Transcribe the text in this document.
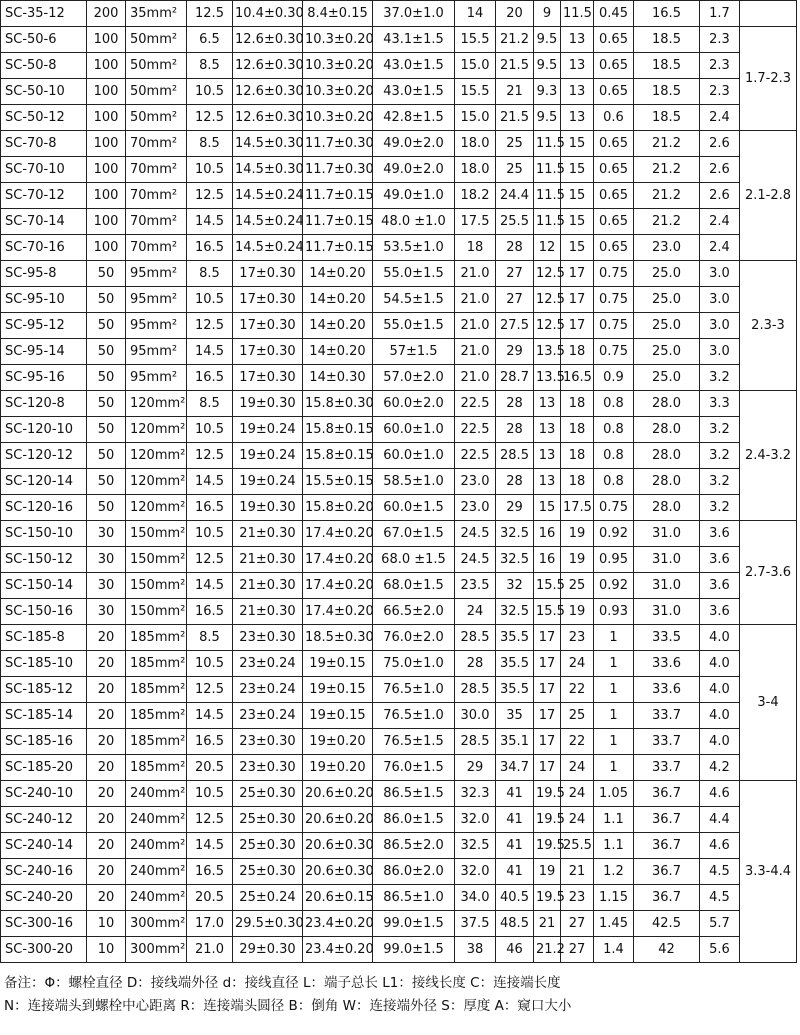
SC-35-12	200	35mm²	12.5	10.4±0.30	8.4±0.15	37.0±1.0	14	20	9	11.5	0.45	16.5	1.7	
SC-50-6	100	50mm²	6.5	12.6±0.30	10.3±0.20	43.1±1.5	15.5	21.2	9.5	13	0.65	18.5	2.3	1.7-2.3
SC-50-8	100	50mm²	8.5	12.6±0.30	10.3±0.20	43.0±1.5	15.0	21.5	9.5	13	0.65	18.5	2.3	
SC-50-10	100	50mm²	10.5	12.6±0.30	10.3±0.20	43.0±1.5	15.5	21	9.3	13	0.65	18.5	2.3	
SC-50-12	100	50mm²	12.5	12.6±0.30	10.3±0.20	42.8±1.5	15.0	21.5	9.5	13	0.6	18.5	2.4	
SC-70-8	100	70mm²	8.5	14.5±0.30	11.7±0.30	49.0±2.0	18.0	25	11.5	15	0.65	21.2	2.6	2.1-2.8
SC-70-10	100	70mm²	10.5	14.5±0.30	11.7±0.30	49.0±2.0	18.0	25	11.5	15	0.65	21.2	2.6	
SC-70-12	100	70mm²	12.5	14.5±0.24	11.7±0.15	49.0±1.0	18.2	24.4	11.5	15	0.65	21.2	2.6	
SC-70-14	100	70mm²	14.5	14.5±0.24	11.7±0.15	48.0 ±1.0	17.5	25.5	11.5	15	0.65	21.2	2.4	
SC-70-16	100	70mm²	16.5	14.5±0.24	11.7±0.15	53.5±1.0	18	28	12	15	0.65	23.0	2.4	
SC-95-8	50	95mm²	8.5	17±0.30	14±0.20	55.0±1.5	21.0	27	12.5	17	0.75	25.0	3.0	2.3-3
SC-95-10	50	95mm²	10.5	17±0.30	14±0.20	54.5±1.5	21.0	27	12.5	17	0.75	25.0	3.0	
SC-95-12	50	95mm²	12.5	17±0.30	14±0.20	55.0±1.5	21.0	27.5	12.5	17	0.75	25.0	3.0	
SC-95-14	50	95mm²	14.5	17±0.30	14±0.20	57±1.5	21.0	29	13.5	18	0.75	25.0	3.0	
SC-95-16	50	95mm²	16.5	17±0.30	14±0.30	57.0±2.0	21.0	28.7	13.5	16.5	0.9	25.0	3.2	
SC-120-8	50	120mm²	8.5	19±0.30	15.8±0.30	60.0±2.0	22.5	28	13	18	0.8	28.0	3.3	2.4-3.2
SC-120-10	50	120mm²	10.5	19±0.24	15.8±0.15	60.0±1.0	22.5	28	13	18	0.8	28.0	3.2	
SC-120-12	50	120mm²	12.5	19±0.24	15.8±0.15	60.0±1.0	22.5	28.5	13	18	0.8	28.0	3.2	
SC-120-14	50	120mm²	14.5	19±0.24	15.5±0.15	58.5±1.0	23.0	28	13	18	0.8	28.0	3.2	
SC-120-16	50	120mm²	16.5	19±0.30	15.8±0.20	60.0±1.5	23.0	29	15	17.5	0.75	28.0	3.2	
SC-150-10	30	150mm²	10.5	21±0.30	17.4±0.20	67.0±1.5	24.5	32.5	16	19	0.92	31.0	3.6	2.7-3.6
SC-150-12	30	150mm²	12.5	21±0.30	17.4±0.20	68.0 ±1.5	24.5	32.5	16	19	0.95	31.0	3.6	
SC-150-14	30	150mm²	14.5	21±0.30	17.4±0.20	68.0±1.5	23.5	32	15.5	25	0.92	31.0	3.6	
SC-150-16	30	150mm²	16.5	21±0.30	17.4±0.20	66.5±2.0	24	32.5	15.5	19	0.93	31.0	3.6	
SC-185-8	20	185mm²	8.5	23±0.30	18.5±0.30	76.0±2.0	28.5	35.5	17	23	1	33.5	4.0	3-4
SC-185-10	20	185mm²	10.5	23±0.24	19±0.15	75.0±1.0	28	35.5	17	24	1	33.6	4.0	
SC-185-12	20	185mm²	12.5	23±0.24	19±0.15	76.5±1.0	28.5	35.5	17	22	1	33.6	4.0	
SC-185-14	20	185mm²	14.5	23±0.24	19±0.15	76.5±1.0	30.0	35	17	25	1	33.7	4.0	
SC-185-16	20	185mm²	16.5	23±0.30	19±0.20	76.5±1.5	28.5	35.1	17	22	1	33.7	4.0	
SC-185-20	20	185mm²	20.5	23±0.30	19±0.20	76.0±1.5	29	34.7	17	24	1	33.7	4.2	
SC-240-10	20	240mm²	10.5	25±0.30	20.6±0.20	86.5±1.5	32.3	41	19.5	24	1.05	36.7	4.6	3.3-4.4
SC-240-12	20	240mm²	12.5	25±0.30	20.6±0.20	86.0±1.5	32.0	41	19.5	24	1.1	36.7	4.4	
SC-240-14	20	240mm²	14.5	25±0.30	20.6±0.30	86.5±2.0	32.5	41	19.5	25.5	1.1	36.7	4.6	
SC-240-16	20	240mm²	16.5	25±0.30	20.6±0.30	86.0±2.0	32.0	41	19	21	1.2	36.7	4.5	
SC-240-20	20	240mm²	20.5	25±0.24	20.6±0.15	86.5±1.0	34.0	40.5	19.5	23	1.15	36.7	4.5	
SC-300-16	10	300mm²	17.0	29.5±0.30	23.4±0.20	99.0±1.5	37.5	48.5	21	27	1.45	42.5	5.7	
SC-300-20	10	300mm²	21.0	29±0.30	23.4±0.20	99.0±1.5	38	46	21.2	27	1.4	42	5.6	
备注：Φ：螺栓直径 D：接线端外径 d：接线直径 L：端子总长 L1：接线长度 C：连接端长度
N：连接端头到螺栓中心距离 R：连接端头圆径 B：倒角 W：连接端外径 S：厚度 A：窥口大小
